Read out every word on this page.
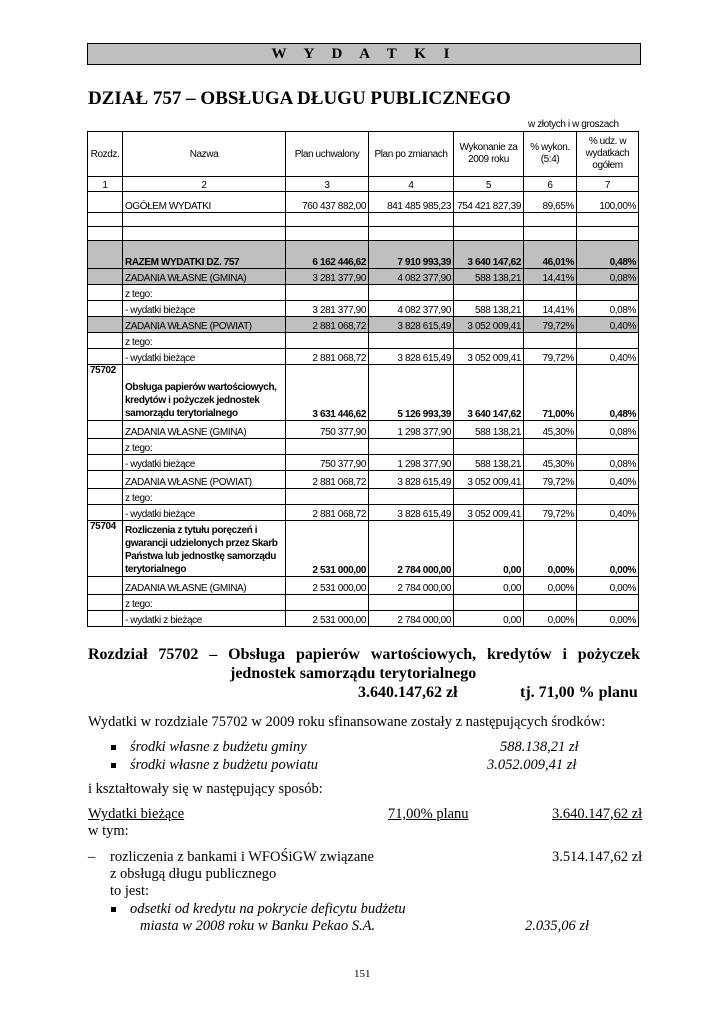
W Y D A T K I
DZIAŁ 757 – OBSŁUGA DŁUGU PUBLICZNEGO
w złotych i w groszach
Rozdz.	Nazwa	Plan uchwalony	Plan po zmianach	Wykonanie za 2009 roku	% wykon. (5:4)	% udz. w wydatkach ogółem
1	2	3	4	5	6	7
	OGÓŁEM WYDATKI	760 437 882,00	841 485 985,23	754 421 827,39	89,65%	100,00%

	RAZEM WYDATKI DZ. 757	6 162 446,62	7 910 993,39	3 640 147,62	46,01%	0,48%
	ZADANIA WŁASNE (GMINA)	3 281 377,90	4 082 377,90	588 138,21	14,41%	0,08%
	z tego:					
	- wydatki bieżące	3 281 377,90	4 082 377,90	588 138,21	14,41%	0,08%
	ZADANIA WŁASNE (POWIAT)	2 881 068,72	3 828 615,49	3 052 009,41	79,72%	0,40%
	z tego:					
	- wydatki bieżące	2 881 068,72	3 828 615,49	3 052 009,41	79,72%	0,40%
75702	Obsługa papierów wartościowych, kredytów i pożyczek jednostek samorządu terytorialnego	3 631 446,62	5 126 993,39	3 640 147,62	71,00%	0,48%
	ZADANIA WŁASNE (GMINA)	750 377,90	1 298 377,90	588 138,21	45,30%	0,08%
	z tego:					
	- wydatki bieżące	750 377,90	1 298 377,90	588 138,21	45,30%	0,08%
	ZADANIA WŁASNE (POWIAT)	2 881 068,72	3 828 615,49	3 052 009,41	79,72%	0,40%
	z tego:					
	- wydatki bieżące	2 881 068,72	3 828 615,49	3 052 009,41	79,72%	0,40%
75704	Rozliczenia z tytułu poręczeń i gwarancji udzielonych przez Skarb Państwa lub jednostkę samorządu terytorialnego	2 531 000,00	2 784 000,00	0,00	0,00%	0,00%
	ZADANIA WŁASNE (GMINA)	2 531 000,00	2 784 000,00	0,00	0,00%	0,00%
	z tego:					
	- wydatki z bieżące	2 531 000,00	2 784 000,00	0,00	0,00%	0,00%
Rozdział 75702 – Obsługa papierów wartościowych, kredytów i pożyczek
jednostek samorządu terytorialnego
3.640.147,62 zł	tj. 71,00 % planu
Wydatki w rozdziale 75702 w 2009 roku sfinansowane zostały z następujących środków:
środki własne z budżetu gminy	588.138,21 zł
środki własne z budżetu powiatu	3.052.009,41 zł
i kształtowały się w następujący sposób:
Wydatki bieżące	71,00% planu	3.640.147,62 zł
w tym:
– rozliczenia z bankami i WFOŚiGW związane	3.514.147,62 zł
z obsługą długu publicznego
to jest:
odsetki od kredytu na pokrycie deficytu budżetu
miasta w 2008 roku w Banku Pekao S.A.	2.035,06 zł
151
